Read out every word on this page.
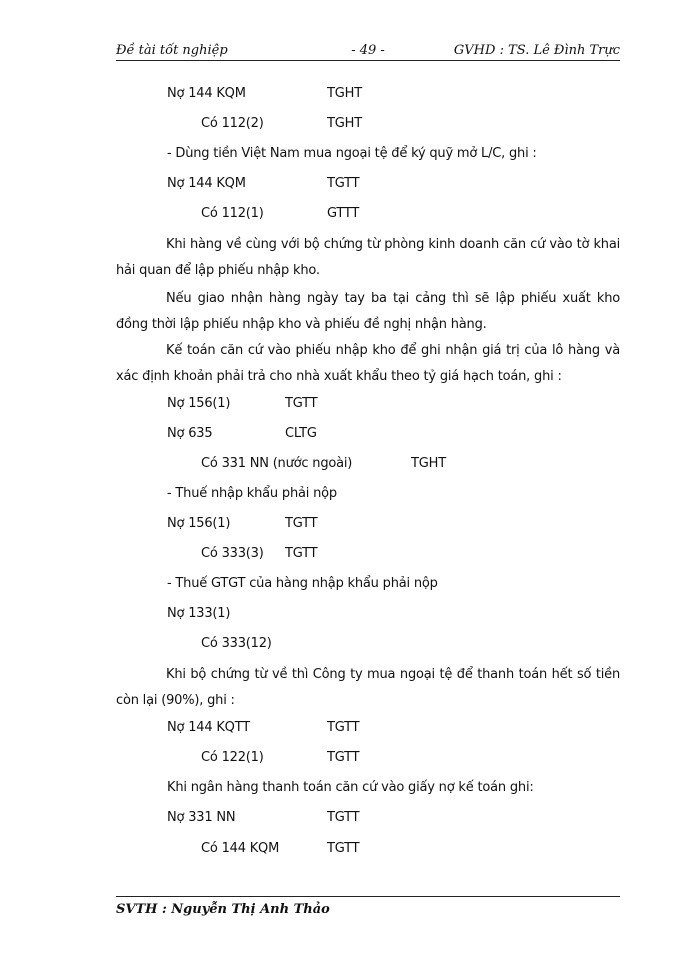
Đề tài tốt nghiệp	- 49 -	GVHD : TS. Lê Đình Trực
Nợ 144 KQM	TGHT
Có 112(2)	TGHT
- Dùng tiền Việt Nam mua ngoại tệ để ký quỹ mở L/C, ghi :
Nợ 144 KQM	TGTT
Có 112(1)	GTTT
Khi hàng về cùng với bộ chứng từ phòng kinh doanh căn cứ vào tờ khai hải quan để lập phiếu nhập kho.
Nếu giao nhận hàng ngày tay ba tại cảng thì sẽ lập phiếu xuất kho đồng thời lập phiếu nhập kho và phiếu đề nghị nhận hàng.
Kế toán căn cứ vào phiếu nhập kho để ghi nhận giá trị của lô hàng và xác định khoản phải trả cho nhà xuất khẩu theo tỷ giá hạch toán, ghi :
Nợ 156(1)	TGTT
Nợ 635	CLTG
Có 331 NN (nước ngoài)	TGHT
- Thuế nhập khẩu phải nộp
Nợ 156(1)	TGTT
Có 333(3) TGTT
- Thuế GTGT của hàng nhập khẩu phải nộp
Nợ 133(1)
Có 333(12)
Khi bộ chứng từ về thì Công ty mua ngoại tệ để thanh toán hết số tiền còn lại (90%), ghi :
Nợ 144 KQTT	TGTT
Có 122(1)	TGTT
Khi ngân hàng thanh toán căn cứ vào giấy nợ kế toán ghi:
Nợ 331 NN	TGTT
Có 144 KQM	TGTT
SVTH : Nguyễn Thị Anh Thảo
